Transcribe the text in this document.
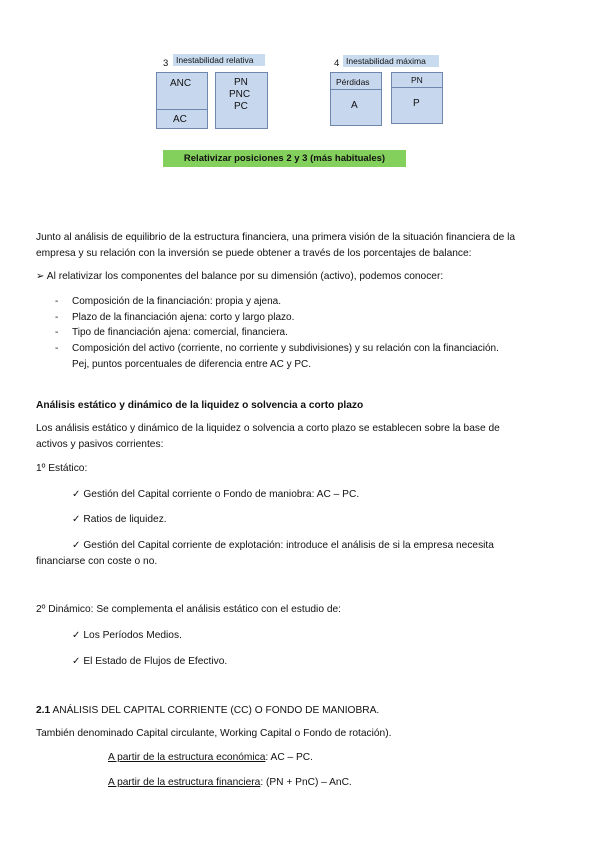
3 Inestabilidad relativa
ANC
AC
PN
PNC
PC
4 Inestabilidad máxima
Pérdidas
A
PN
P
Relativizar posiciones 2 y 3 (más habituales)
Junto al análisis de equilibrio de la estructura financiera, una primera visión de la situación financiera de la
empresa y su relación con la inversión se puede obtener a través de los porcentajes de balance:
➢ Al relativizar los componentes del balance por su dimensión (activo), podemos conocer:
- Composición de la financiación: propia y ajena.
- Plazo de la financiación ajena: corto y largo plazo.
- Tipo de financiación ajena: comercial, financiera.
- Composición del activo (corriente, no corriente y subdivisiones) y su relación con la financiación.
Pej, puntos porcentuales de diferencia entre AC y PC.
Análisis estático y dinámico de la liquidez o solvencia a corto plazo
Los análisis estático y dinámico de la liquidez o solvencia a corto plazo se establecen sobre la base de
activos y pasivos corrientes:
1º Estático:
✓ Gestión del Capital corriente o Fondo de maniobra: AC – PC.
✓ Ratios de liquidez.
✓ Gestión del Capital corriente de explotación: introduce el análisis de si la empresa necesita
financiarse con coste o no.
2º Dinámico: Se complementa el análisis estático con el estudio de:
✓ Los Períodos Medios.
✓ El Estado de Flujos de Efectivo.
2.1 ANÁLISIS DEL CAPITAL CORRIENTE (CC) O FONDO DE MANIOBRA.
También denominado Capital circulante, Working Capital o Fondo de rotación).
A partir de la estructura económica: AC – PC.
A partir de la estructura financiera: (PN + PnC) – AnC.
